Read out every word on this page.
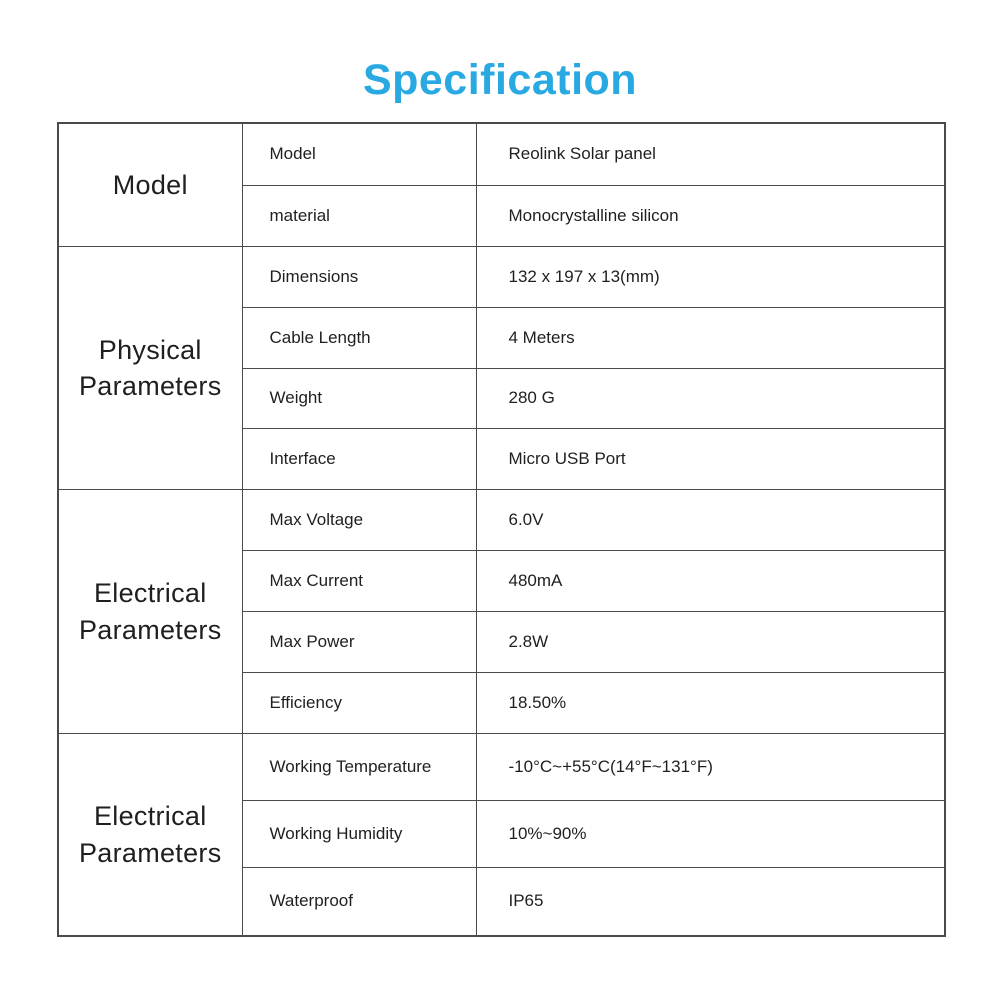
Specification
Model	Model	Reolink Solar panel
	material	Monocrystalline silicon
Physical Parameters	Dimensions	132 x 197 x 13(mm)
	Cable Length	4 Meters
	Weight	280 G
	Interface	Micro USB Port
Electrical Parameters	Max Voltage	6.0V
	Max Current	480mA
	Max Power	2.8W
	Efficiency	18.50%
Electrical Parameters	Working Temperature	-10°C~+55°C(14°F~131°F)
	Working Humidity	10%~90%
	Waterproof	IP65
